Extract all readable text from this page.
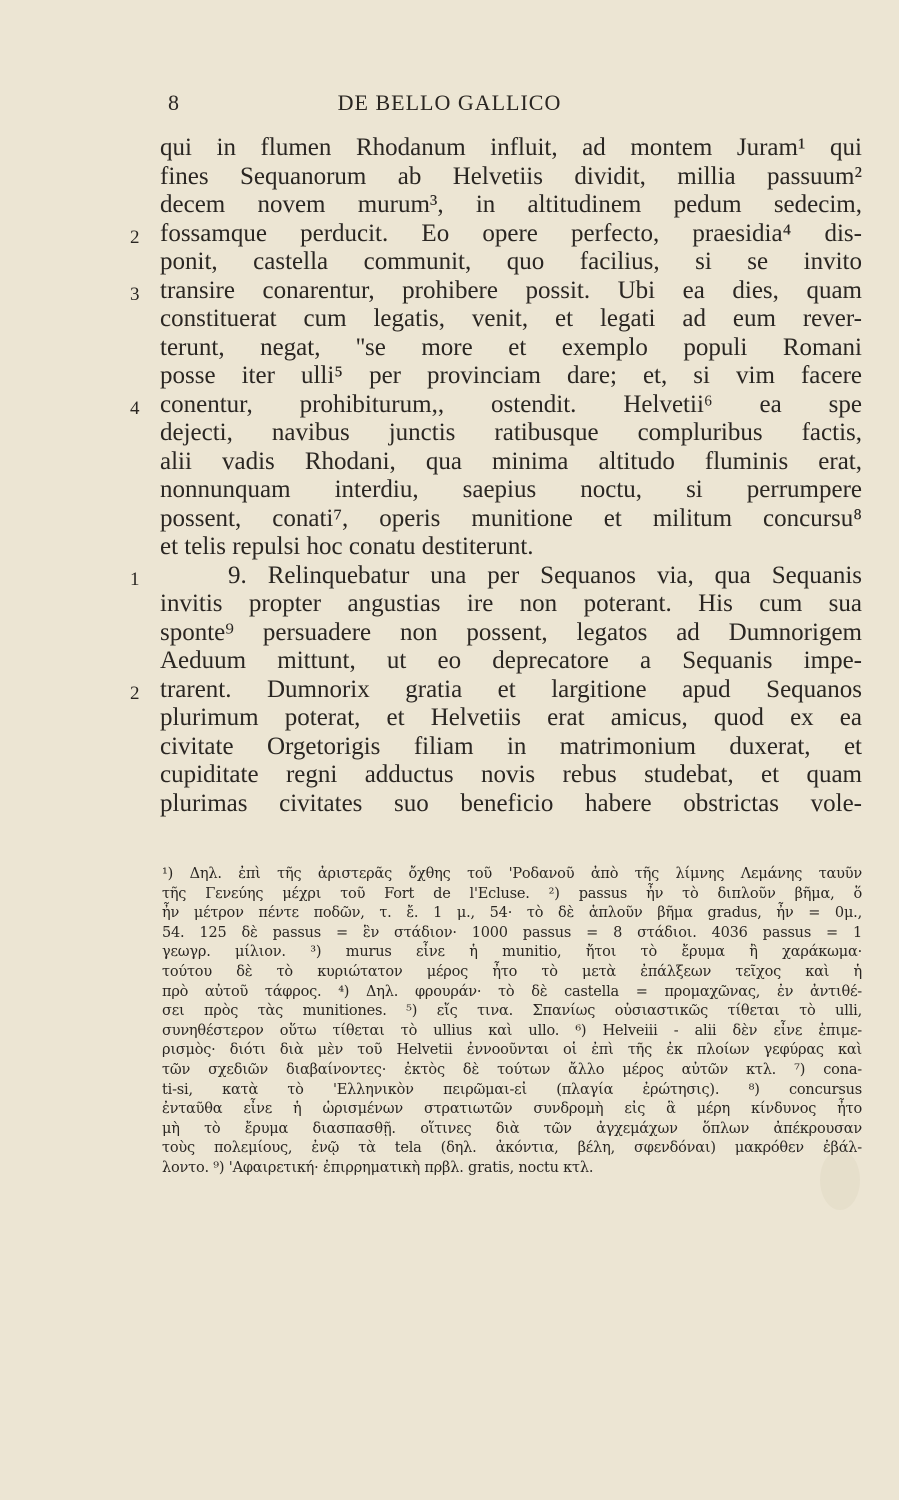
8	DE BELLO GALLICO
qui in flumen Rhodanum influit, ad montem Juram¹ qui
fines Sequanorum ab Helvetiis dividit, millia passuum²
decem novem murum³, in altitudinem pedum sedecim,
2 fossamque perducit. Eo opere perfecto, praesidia⁴ dis-
ponit, castella communit, quo facilius, si se invito
3 transire conarentur, prohibere possit. Ubi ea dies, quam
constituerat cum legatis, venit, et legati ad eum rever-
terunt, negat, ''se more et exemplo populi Romani
posse iter ulli⁵ per provinciam dare; et, si vim facere
4 conentur, prohibiturum,, ostendit. Helvetii⁶ ea spe
dejecti, navibus junctis ratibusque compluribus factis,
alii vadis Rhodani, qua minima altitudo fluminis erat,
nonnunquam interdiu, saepius noctu, si perrumpere
possent, conati⁷, operis munitione et militum concursu⁸
et telis repulsi hoc conatu destiterunt.
1	9. Relinquebatur una per Sequanos via, qua Sequanis
invitis propter angustias ire non poterant. His cum sua
sponte⁹ persuadere non possent, legatos ad Dumnorigem
Aeduum mittunt, ut eo deprecatore a Sequanis impe-
2 trarent. Dumnorix gratia et largitione apud Sequanos
plurimum poterat, et Helvetiis erat amicus, quod ex ea
civitate Orgetorigis filiam in matrimonium duxerat, et
cupiditate regni adductus novis rebus studebat, et quam
plurimas civitates suo beneficio habere obstrictas vole-
¹) Δηλ. ἐπὶ τῆς ἀριστερᾶς ὄχθης τοῦ 'Ροδανοῦ ἀπὸ τῆς λίμνης Λεμάνης ταυῦν
τῆς Γενεύης μέχρι τοῦ Fort de l'Ecluse. ²) passus ἦν τὸ διπλοῦν βῆμα, ὅ
ἦν μέτρον πέντε ποδῶν, τ. ἔ. 1 μ., 54· τὸ δὲ ἁπλοῦν βῆμα gradus, ἦν = 0μ.,
54. 125 δὲ passus = ἓν στάδιον· 1000 passus = 8 στάδιοι. 4036 passus = 1
γεωγρ. μίλιον. ³) murus εἶνε ἡ munitio, ἤτοι τὸ ἔρυμα ἢ χαράκωμα·
τούτου δὲ τὸ κυριώτατον μέρος ἦτο τὸ μετὰ ἐπάλξεων τεῖχος καὶ ἡ
πρὸ αὐτοῦ τάφρος. ⁴) Δηλ. φρουράν· τὸ δὲ castella = προμαχῶνας, ἐν ἀντιθέ-
σει πρὸς τὰς munitiones. ⁵) εἴς τινα. Σπανίως οὐσιαστικῶς τίθεται τὸ ulli,
συνηθέστερον οὕτω τίθεται τὸ ullius καὶ ullo. ⁶) Helveiii - alii δὲν εἶνε ἐπιμε-
ρισμὸς· διότι διὰ μὲν τοῦ Helvetii ἐννοοῦνται οἱ ἐπὶ τῆς ἐκ πλοίων γεφύρας καὶ
τῶν σχεδιῶν διαβαίνοντες· ἐκτὸς δὲ τούτων ἄλλο μέρος αὐτῶν κτλ. ⁷) cona-
ti-si, κατὰ τὸ 'Ελληνικὸν πειρῶμαι-εἰ (πλαγία ἐρώτησις). ⁸) concursus
ἐνταῦθα εἶνε ἡ ὡρισμένων στρατιωτῶν συνδρομὴ εἰς ἃ μέρη κίνδυνος ἦτο
μὴ τὸ ἔρυμα διασπασθῇ. οἵτινες διὰ τῶν ἀγχεμάχων ὅπλων ἀπέκρουσαν
τοὺς πολεμίους, ἐνῷ τὰ tela (δηλ. ἀκόντια, βέλη, σφενδόναι) μακρόθεν ἐβάλ-
λοντο. ⁹) 'Αφαιρετική· ἐπιρρηματικὴ πρβλ. gratis, noctu κτλ.
